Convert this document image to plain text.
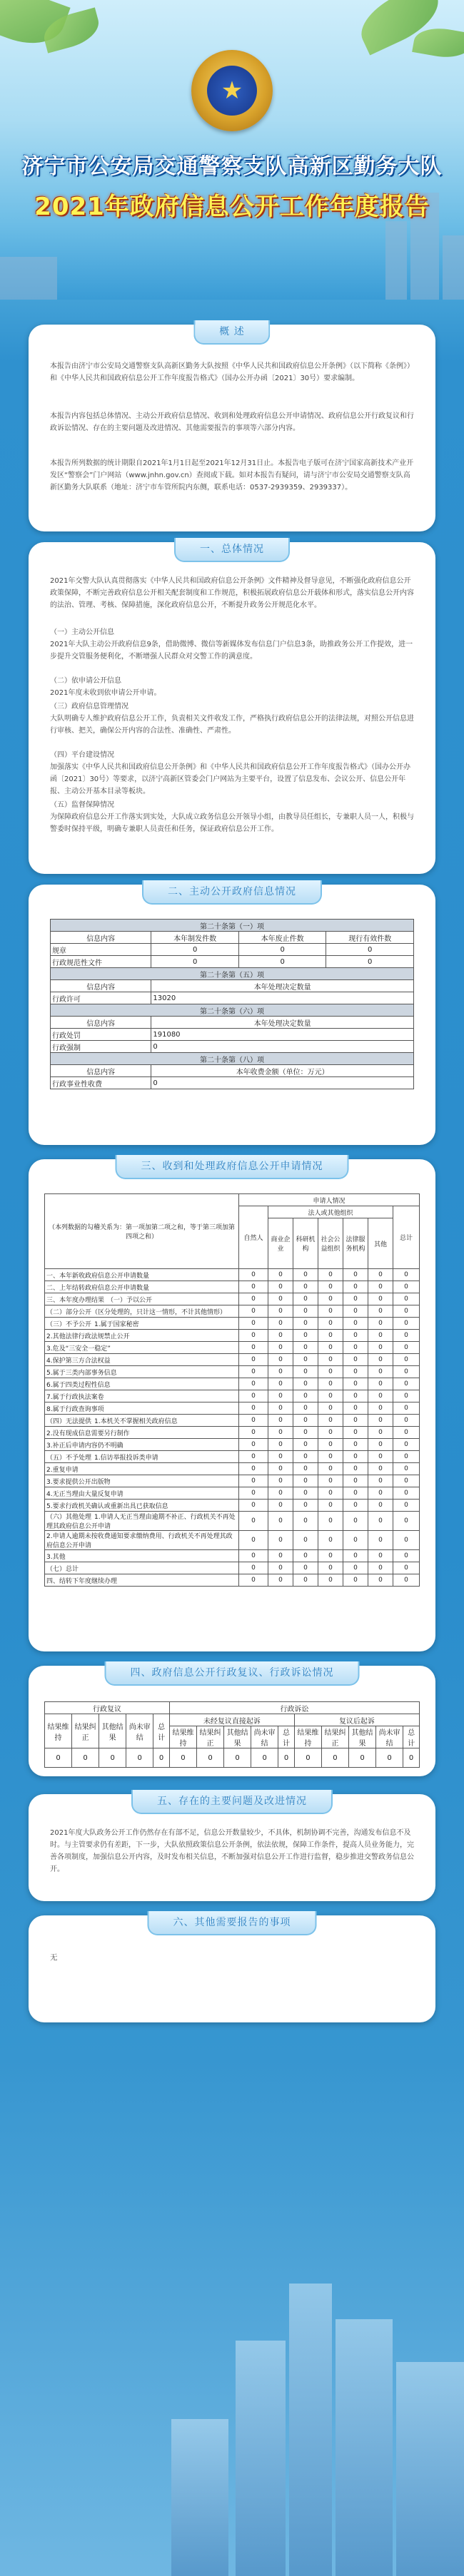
★
济宁市公安局交通警察支队高新区勤务大队
2021年政府信息公开工作年度报告
概 述
本报告由济宁市公安局交通警察支队高新区勤务大队按照《中华人民共和国政府信息公开条例》（以下简称《条例》）和《中华人民共和国政府信息公开工作年度报告格式》（国办公开办函〔2021〕30号）要求编制。
本报告内容包括总体情况、主动公开政府信息情况、收到和处理政府信息公开申请情况、政府信息公开行政复议和行政诉讼情况、存在的主要问题及改进情况、其他需要报告的事项等六部分内容。
本报告所列数据的统计期限自2021年1月1日起至2021年12月31日止。本报告电子版可在济宁国家高新技术产业开发区“警察会”门户网站（www.jnhn.gov.cn）查阅或下载。如对本报告有疑问，请与济宁市公安局交通警察支队高新区勤务大队联系（地址：济宁市车管所院内东侧，联系电话：0537-2939359、2939337）。
一、总体情况
2021年交警大队认真贯彻落实《中华人民共和国政府信息公开条例》文件精神及督导意见，不断强化政府信息公开政策保障，不断完善政府信息公开相关配套制度和工作规范，积极拓展政府信息公开载体和形式，落实信息公开内容的法治、管理、考核、保障措施，深化政府信息公开，不断提升政务公开规范化水平。
（一）主动公开信息
2021年大队主动公开政府信息9条，借助微博、微信等新媒体发布信息门户信息3条，助推政务公开工作提效，进一步提升交管服务便利化，不断增强人民群众对交警工作的满意度。
（二）依申请公开信息
2021年度未收到依申请公开申请。
（三）政府信息管理情况
大队明确专人维护政府信息公开工作，负责相关文件收发工作，严格执行政府信息公开的法律法规，对照公开信息进行审核、把关，确保公开内容的合法性、准确性、严肃性。
（四）平台建设情况
加强落实《中华人民共和国政府信息公开条例》和《中华人民共和国政府信息公开工作年度报告格式》（国办公开办函〔2021〕30号）等要求，以济宁高新区管委会门户网站为主要平台，设置了信息发布、会议公开、信息公开年报、主动公开基本目录等板块。
（五）监督保障情况
为保障政府信息公开工作落实到实处，大队成立政务信息公开领导小组，由教导员任组长，专兼职人员一人，积极与警委时保持平级，明确专兼职人员责任和任务，保证政府信息公开工作。
二、主动公开政府信息情况
第二十条第（一）项			
信息内容	本年制发件数	本年废止件数	现行有效件数
规章	0	0	0
行政规范性文件	0	0	0
第二十条第（五）项			
信息内容	本年处理决定数量		
行政许可	13020		
第二十条第（六）项			
信息内容	本年处理决定数量		
行政处罚	191080		
行政强制	0		
第二十条第（八）项			
信息内容	本年收费金额（单位：万元）		
行政事业性收费	0		
三、收到和处理政府信息公开申请情况
（本列数据的勾稽关系为：第一项加第二项之和，等于第三项加第四项之和）	申请人情况						
	自然人	法人或其他组织					总计
		商业企业	科研机构	社会公益组织	法律服务机构	其他	
一、本年新收政府信息公开申请数量	0	0	0	0	0	0	0
二、上年结转政府信息公开申请数量	0	0	0	0	0	0	0
三、本年度办理结果 （一）予以公开	0	0	0	0	0	0	0
（二）部分公开（区分处理的，只计这一情形，不计其他情形）	0	0	0	0	0	0	0
（三）不予公开 1.属于国家秘密	0	0	0	0	0	0	0
2.其他法律行政法规禁止公开	0	0	0	0	0	0	0
3.危及“三安全一稳定”	0	0	0	0	0	0	0
4.保护第三方合法权益	0	0	0	0	0	0	0
5.属于三类内部事务信息	0	0	0	0	0	0	0
6.属于四类过程性信息	0	0	0	0	0	0	0
7.属于行政执法案卷	0	0	0	0	0	0	0
8.属于行政查询事项	0	0	0	0	0	0	0
（四）无法提供 1.本机关不掌握相关政府信息	0	0	0	0	0	0	0
2.没有现成信息需要另行制作	0	0	0	0	0	0	0
3.补正后申请内容仍不明确	0	0	0	0	0	0	0
（五）不予处理 1.信访举报投诉类申请	0	0	0	0	0	0	0
2.重复申请	0	0	0	0	0	0	0
3.要求提供公开出版物	0	0	0	0	0	0	0
4.无正当理由大量反复申请	0	0	0	0	0	0	0
5.要求行政机关确认或重新出具已获取信息	0	0	0	0	0	0	0
（六）其他处理 1.申请人无正当理由逾期不补正、行政机关不再处理其政府信息公开申请	0	0	0	0	0	0	0
2.申请人逾期未按收费通知要求缴纳费用、行政机关不再处理其政府信息公开申请	0	0	0	0	0	0	0
3.其他	0	0	0	0	0	0	0
（七）总计	0	0	0	0	0	0	0
四、结转下年度继续办理	0	0	0	0	0	0	0
四、政府信息公开行政复议、行政诉讼情况
行政复议					行政诉讼									
结果维持	结果纠正	其他结果	尚未审结	总计	未经复议直接起诉					复议后起诉				
					结果维持	结果纠正	其他结果	尚未审结	总计	结果维持	结果纠正	其他结果	尚未审结	总计
0	0	0	0	0	0	0	0	0	0	0	0	0	0	0
五、存在的主要问题及改进情况
2021年度大队政务公开工作仍然存在有部不足，信息公开数量较少，不具体，机制协调不完善，沟通发布信息不及时。与主管要求仍有差距，下一步，大队依照政策信息公开条例，依法依规，保障工作条件，提高人员业务能力，完善各项制度，加强信息公开内容，及时发布相关信息，不断加强对信息公开工作进行监督，稳步推进交警政务信息公开。
六、其他需要报告的事项
无
